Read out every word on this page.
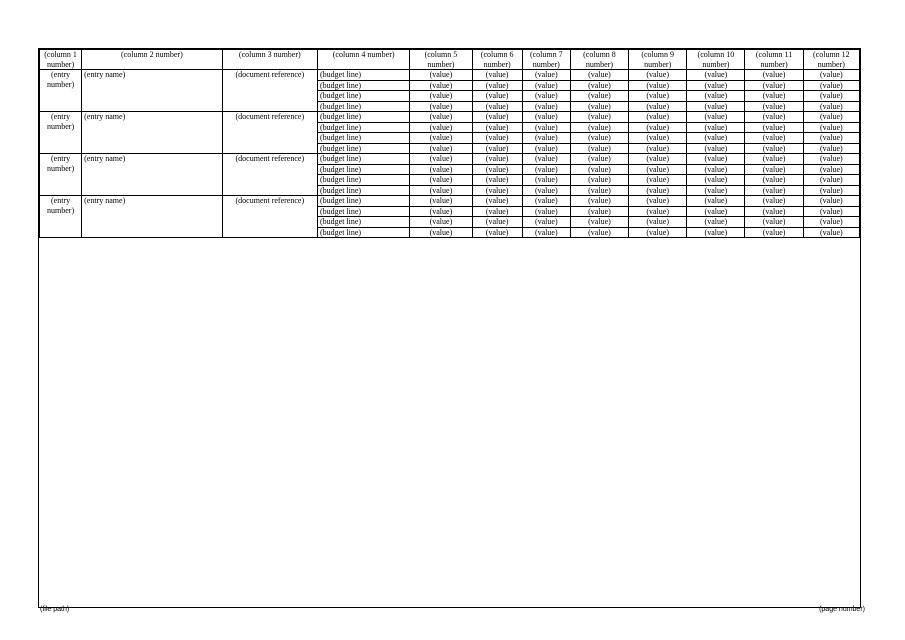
(column 1 number)	(column 2 number)	(column 3 number)	(column 4 number)	(column 5 number)	(column 6 number)	(column 7 number)	(column 8 number)	(column 9 number)	(column 10 number)	(column 11 number)	(column 12 number)
(entry number)	(entry name)	(document reference)	(budget line)	(value)	(value)	(value)	(value)	(value)	(value)	(value)	(value)
			(budget line)	(value)	(value)	(value)	(value)	(value)	(value)	(value)	(value)
			(budget line)	(value)	(value)	(value)	(value)	(value)	(value)	(value)	(value)
			(budget line)	(value)	(value)	(value)	(value)	(value)	(value)	(value)	(value)
(entry number)	(entry name)	(document reference)	(budget line)	(value)	(value)	(value)	(value)	(value)	(value)	(value)	(value)
			(budget line)	(value)	(value)	(value)	(value)	(value)	(value)	(value)	(value)
			(budget line)	(value)	(value)	(value)	(value)	(value)	(value)	(value)	(value)
			(budget line)	(value)	(value)	(value)	(value)	(value)	(value)	(value)	(value)
(entry number)	(entry name)	(document reference)	(budget line)	(value)	(value)	(value)	(value)	(value)	(value)	(value)	(value)
			(budget line)	(value)	(value)	(value)	(value)	(value)	(value)	(value)	(value)
			(budget line)	(value)	(value)	(value)	(value)	(value)	(value)	(value)	(value)
			(budget line)	(value)	(value)	(value)	(value)	(value)	(value)	(value)	(value)
(entry number)	(entry name)	(document reference)	(budget line)	(value)	(value)	(value)	(value)	(value)	(value)	(value)	(value)
			(budget line)	(value)	(value)	(value)	(value)	(value)	(value)	(value)	(value)
			(budget line)	(value)	(value)	(value)	(value)	(value)	(value)	(value)	(value)
			(budget line)	(value)	(value)	(value)	(value)	(value)	(value)	(value)	(value)
(file path)	(page number)
